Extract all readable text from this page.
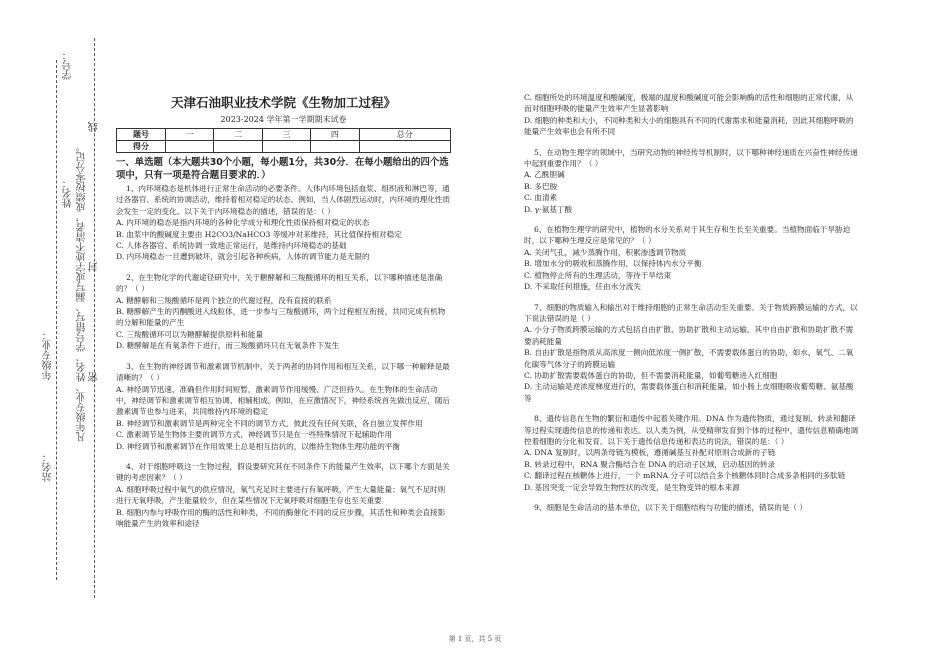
学号：
姓名： 凡年级专业、姓名、学号错写、漏写或字迹不清者，成绩按零分记。
线
封
密
年级专业：
站名：
天津石油职业技术学院《生物加工过程》
2023-2024 学年第一学期期末试卷
题号	一	二	三	四	总分
得分					
一、单选题（本大题共30个小题，每小题1分，共30分．在每小题给出的四个选项中，只有一项是符合题目要求的．）

1、内环境稳态是机体进行正常生命活动的必要条件。人体内环境包括血浆、组织液和淋巴等，通过各器官、系统的协调活动，维持着相对稳定的状态。例如，当人体剧烈运动时，内环境的理化性质会发生一定的变化。以下关于内环境稳态的描述，错误的是：（ ）

A. 内环境的稳态是指内环境的各种化学成分和理化性质保持相对稳定的状态

B. 血浆中的酸碱度主要由 H2CO3/NaHCO3 等缓冲对来维持，其比值保持相对稳定

C. 人体各器官、系统协调一致地正常运行，是维持内环境稳态的基础

D. 内环境稳态一旦遭到破坏，就会引起各种疾病，人体的调节能力是无限的

2、在生物化学的代谢途径研究中，关于糖酵解和三羧酸循环的相互关系，以下哪种描述是准确的？（ ）

A. 糖酵解和三羧酸循环是两个独立的代谢过程，没有直接的联系

B. 糖酵解产生的丙酮酸进入线粒体，进一步参与三羧酸循环，两个过程相互衔接，共同完成有机物的分解和能量的产生

C. 三羧酸循环可以为糖酵解提供原料和能量

D. 糖酵解是在有氧条件下进行，而三羧酸循环只在无氧条件下发生

3、在生物的神经调节和激素调节机制中，关于两者的协同作用和相互关系，以下哪一种解释是最清晰的？（ ）

A. 神经调节迅速、准确但作用时间短暂，激素调节作用缓慢、广泛但持久。在生物体的生命活动中，神经调节和激素调节相互协调、相辅相成。例如，在应激情况下，神经系统首先做出反应，随后激素调节也参与进来，共同维持内环境的稳定

B. 神经调节和激素调节是两种完全不同的调节方式，彼此没有任何关联，各自独立发挥作用

C. 激素调节是生物体主要的调节方式，神经调节只是在一些特殊情况下起辅助作用

D. 神经调节和激素调节在作用效果上总是相互拮抗的，以维持生物体生理功能的平衡

4、对于细胞呼吸这一生物过程，假设要研究其在不同条件下的能量产生效率，以下哪个方面是关键的考虑因素？（ ）

A. 细胞呼吸过程中氧气的供应情况，氧气充足时主要进行有氧呼吸，产生大量能量；氧气不足时则进行无氧呼吸，产生能量较少，但在某些情况下无氧呼吸对细胞生存也至关重要

B. 细胞内参与呼吸作用的酶的活性和种类，不同的酶催化不同的反应步骤，其活性和种类会直接影响能量产生的效率和途径

C. 细胞所处的环境温度和酸碱度，极端的温度和酸碱度可能会影响酶的活性和细胞的正常代谢，从而对细胞呼吸的能量产生效率产生显著影响

D. 细胞的种类和大小，不同种类和大小的细胞具有不同的代谢需求和能量消耗，因此其细胞呼吸的能量产生效率也会有所不同

5、在动物生理学的领域中，当研究动物的神经传导机制时，以下哪种神经递质在兴奋性神经传递中起到重要作用？（ ）

A. 乙酰胆碱

B. 多巴胺

C. 血清素

D. γ-氨基丁酸

6、在植物生理学的研究中，植物的水分关系对于其生存和生长至关重要。当植物面临干旱胁迫时，以下哪种生理反应是常见的？（ ）

A. 关闭气孔，减少蒸腾作用，积累渗透调节物质

B. 增加水分的吸收和蒸腾作用，以保持体内水分平衡

C. 植物停止所有的生理活动，等待干旱结束

D. 不采取任何措施，任由水分流失

7、细胞的物质输入和输出对于维持细胞的正常生命活动至关重要。关于物质跨膜运输的方式，以下说法错误的是（ ）

A. 小分子物质跨膜运输的方式包括自由扩散、协助扩散和主动运输，其中自由扩散和协助扩散不需要消耗能量

B. 自由扩散是指物质从高浓度一侧向低浓度一侧扩散，不需要载体蛋白的协助，如水、氧气、二氧化碳等气体分子的跨膜运输

C. 协助扩散需要载体蛋白的协助，但不需要消耗能量，如葡萄糖进入红细胞

D. 主动运输是逆浓度梯度进行的，需要载体蛋白和消耗能量，如小肠上皮细胞吸收葡萄糖、氨基酸等

8、遗传信息在生物的繁衍和遗传中起着关键作用。DNA 作为遗传物质，通过复制、转录和翻译等过程实现遗传信息的传递和表达。以人类为例，从受精卵发育到个体的过程中，遗传信息精确地调控着细胞的分化和发育。以下关于遗传信息传递和表达的说法，错误的是：（ ）

A. DNA 复制时，以两条母链为模板，遵循碱基互补配对原则合成新的子链

B. 转录过程中，RNA 聚合酶结合在 DNA 的启动子区域，启动基因的转录

C. 翻译过程在核糖体上进行，一个 mRNA 分子可以结合多个核糖体同时合成多条相同的多肽链

D. 基因突变一定会导致生物性状的改变，是生物变异的根本来源

9、细胞是生命活动的基本单位，以下关于细胞结构与功能的描述，错误的是（ ）

第 1 页，共 5 页
